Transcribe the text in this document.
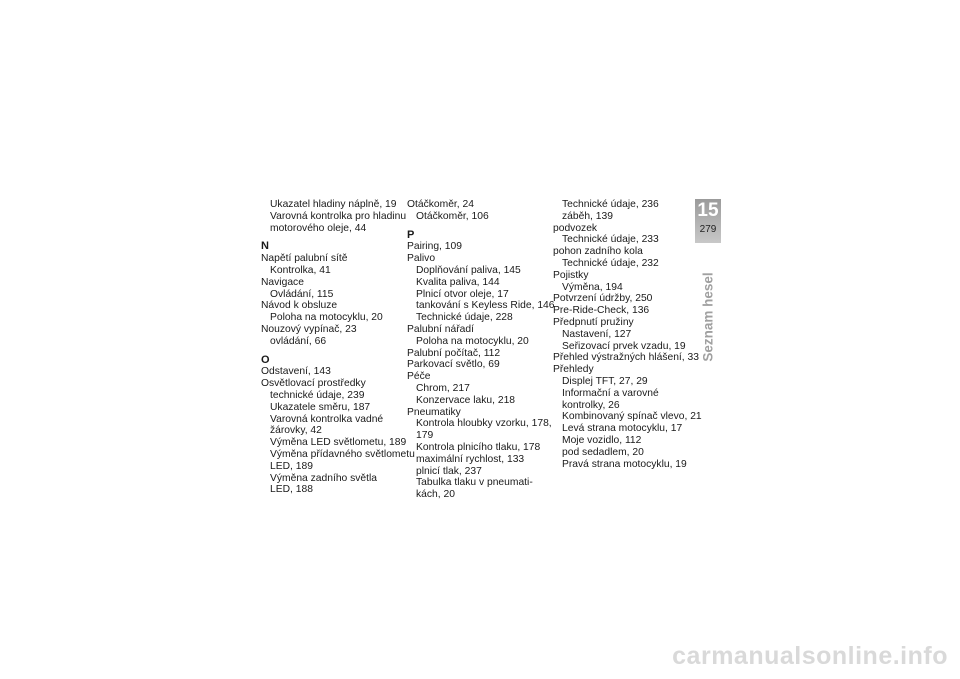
Ukazatel hladiny náplně, 19
Varovná kontrolka pro hladinu
motorového oleje, 44
N
Napětí palubní sítě
Kontrolka, 41
Navigace
Ovládání, 115
Návod k obsluze
Poloha na motocyklu, 20
Nouzový vypínač, 23
ovládání, 66
O
Odstavení, 143
Osvětlovací prostředky
technické údaje, 239
Ukazatele směru, 187
Varovná kontrolka vadné
žárovky, 42
Výměna LED světlometu, 189
Výměna přídavného světlometu
LED, 189
Výměna zadního světla
LED, 188
Otáčkoměr, 24
Otáčkoměr, 106
P
Pairing, 109
Palivo
Doplňování paliva, 145
Kvalita paliva, 144
Plnicí otvor oleje, 17
tankování s Keyless Ride, 146
Technické údaje, 228
Palubní nářadí
Poloha na motocyklu, 20
Palubní počítač, 112
Parkovací světlo, 69
Péče
Chrom, 217
Konzervace laku, 218
Pneumatiky
Kontrola hloubky vzorku, 178,
179
Kontrola plnicího tlaku, 178
maximální rychlost, 133
plnicí tlak, 237
Tabulka tlaku v pneumati-
kách, 20
Technické údaje, 236
záběh, 139
podvozek
Technické údaje, 233
pohon zadního kola
Technické údaje, 232
Pojistky
Výměna, 194
Potvrzení údržby, 250
Pre-Ride-Check, 136
Předpnutí pružiny
Nastavení, 127
Seřizovací prvek vzadu, 19
Přehled výstražných hlášení, 33
Přehledy
Displej TFT, 27, 29
Informační a varovné
kontrolky, 26
Kombinovaný spínač vlevo, 21
Levá strana motocyklu, 17
Moje vozidlo, 112
pod sedadlem, 20
Pravá strana motocyklu, 19
15
279
Seznam hesel
carmanualsonline.info
